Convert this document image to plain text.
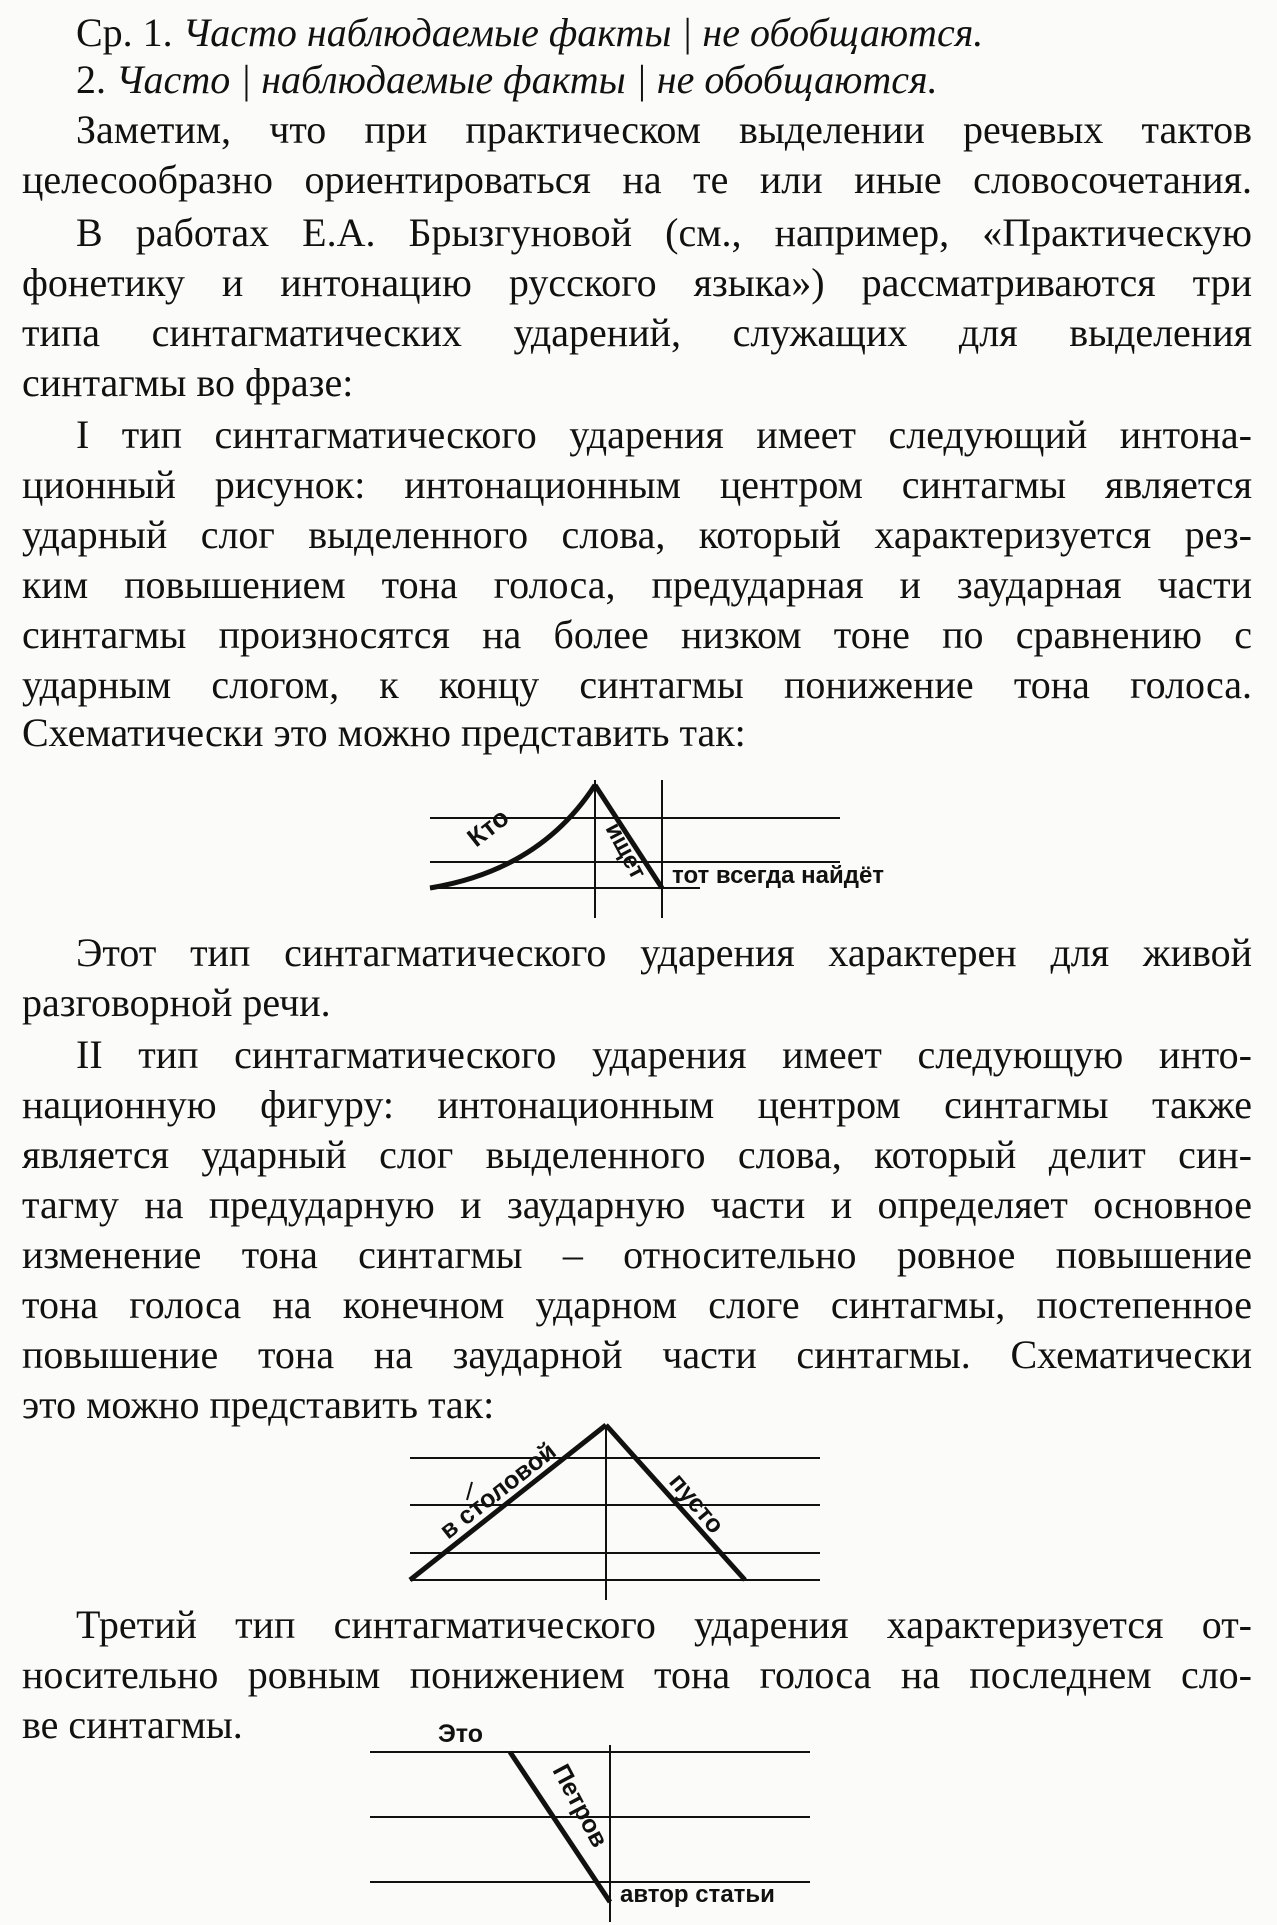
Ср. 1. Часто наблюдаемые факты | не обобщаются.
2. Часто | наблюдаемые факты | не обобщаются.
Заметим, что при практическом выделении речевых тактов
целесообразно ориентироваться на те или иные словосочетания.
В работах Е.А. Брызгуновой (см., например, «Практическую
фонетику и интонацию русского языка») рассматриваются три
типа синтагматических ударений, служащих для выделения
синтагмы во фразе:
I тип синтагматического ударения имеет следующий интона-
ционный рисунок: интонационным центром синтагмы является
ударный слог выделенного слова, который характеризуется рез-
ким повышением тона голоса, предударная и заударная части
синтагмы произносятся на более низком тоне по сравнению с
ударным слогом, к концу синтагмы понижение тона голоса.
Схематически это можно представить так:
Кто	ищет тот всегда найдёт
Этот тип синтагматического ударения характерен для живой
разговорной речи.
II тип синтагматического ударения имеет следующую инто-
национную фигуру: интонационным центром синтагмы также
является ударный слог выделенного слова, который делит син-
тагму на предударную и заударную части и определяет основное
изменение тона синтагмы – относительно ровное повышение
тона голоса на конечном ударном слоге синтагмы, постепенное
повышение тона на заударной части синтагмы. Схематически
это можно представить так:
в столовой	пусто
Третий тип синтагматического ударения характеризуется от-
носительно ровным понижением тона голоса на последнем сло-
ве синтагмы.	Это
Петров
автор статьи
